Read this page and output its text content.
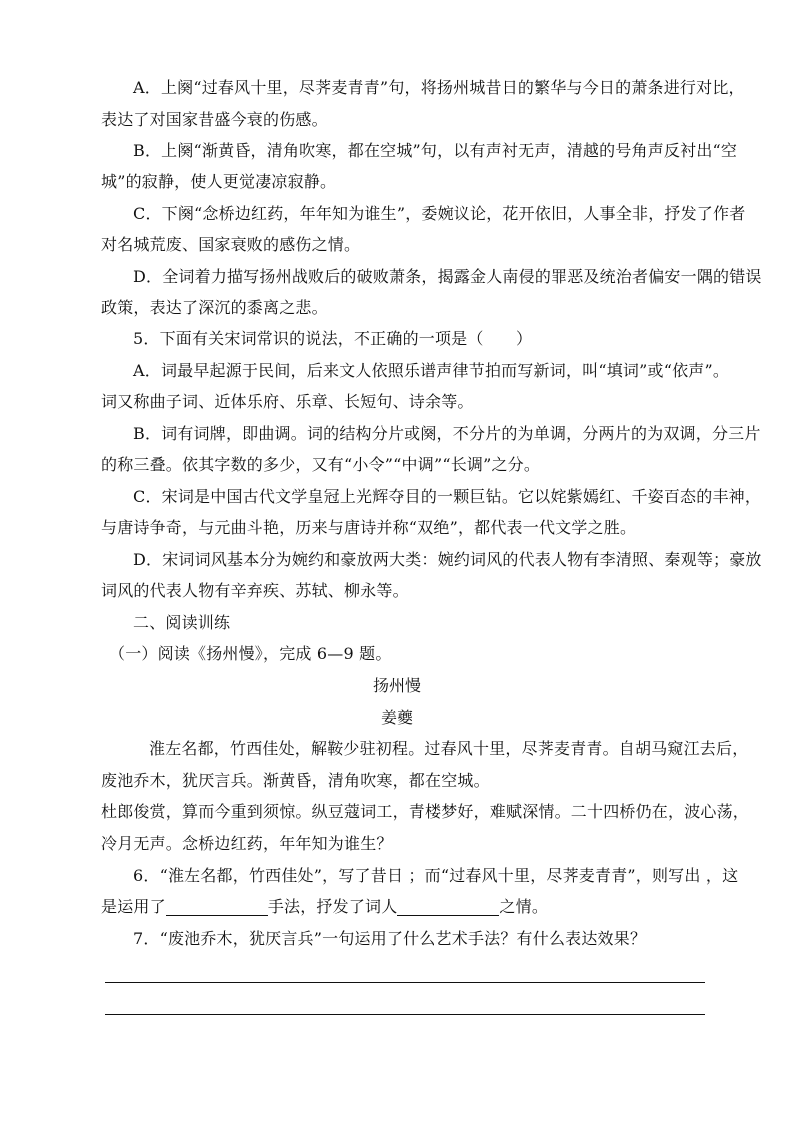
A．上阕“过春风十里，尽荠麦青青”句，将扬州城昔日的繁华与今日的萧条进行对比，
表达了对国家昔盛今衰的伤感。
B．上阕“渐黄昏，清角吹寒，都在空城”句，以有声衬无声，清越的号角声反衬出“空
城”的寂静，使人更觉凄凉寂静。
C．下阕“念桥边红药，年年知为谁生”，委婉议论，花开依旧，人事全非，抒发了作者
对名城荒废、国家衰败的感伤之情。
D．全词着力描写扬州战败后的破败萧条，揭露金人南侵的罪恶及统治者偏安一隅的错误
政策，表达了深沉的黍离之悲。
5．下面有关宋词常识的说法，不正确的一项是（　　）
A．词最早起源于民间，后来文人依照乐谱声律节拍而写新词，叫“填词”或“依声”。
词又称曲子词、近体乐府、乐章、长短句、诗余等。
B．词有词牌，即曲调。词的结构分片或阕，不分片的为单调，分两片的为双调，分三片
的称三叠。依其字数的多少，又有“小令”“中调”“长调”之分。
C．宋词是中国古代文学皇冠上光辉夺目的一颗巨钻。它以姹紫嫣红、千姿百态的丰神，
与唐诗争奇，与元曲斗艳，历来与唐诗并称“双绝”，都代表一代文学之胜。
D．宋词词风基本分为婉约和豪放两大类：婉约词风的代表人物有李清照、秦观等；豪放
词风的代表人物有辛弃疾、苏轼、柳永等。
二、阅读训练
（一）阅读《扬州慢》，完成 6—9 题。
扬州慢
姜夔
淮左名都，竹西佳处，解鞍少驻初程。过春风十里，尽荠麦青青。自胡马窥江去后，
废池乔木，犹厌言兵。渐黄昏，清角吹寒，都在空城。
杜郎俊赏，算而今重到须惊。纵豆蔻词工，青楼梦好，难赋深情。二十四桥仍在，波心荡，
冷月无声。念桥边红药，年年知为谁生？
6．“淮左名都，竹西佳处”，写了昔日 ；而“过春风十里，尽荠麦青青”，则写出 ，这
是运用了	手法，抒发了词人	之情。
7．“废池乔木，犹厌言兵”一句运用了什么艺术手法？有什么表达效果？
